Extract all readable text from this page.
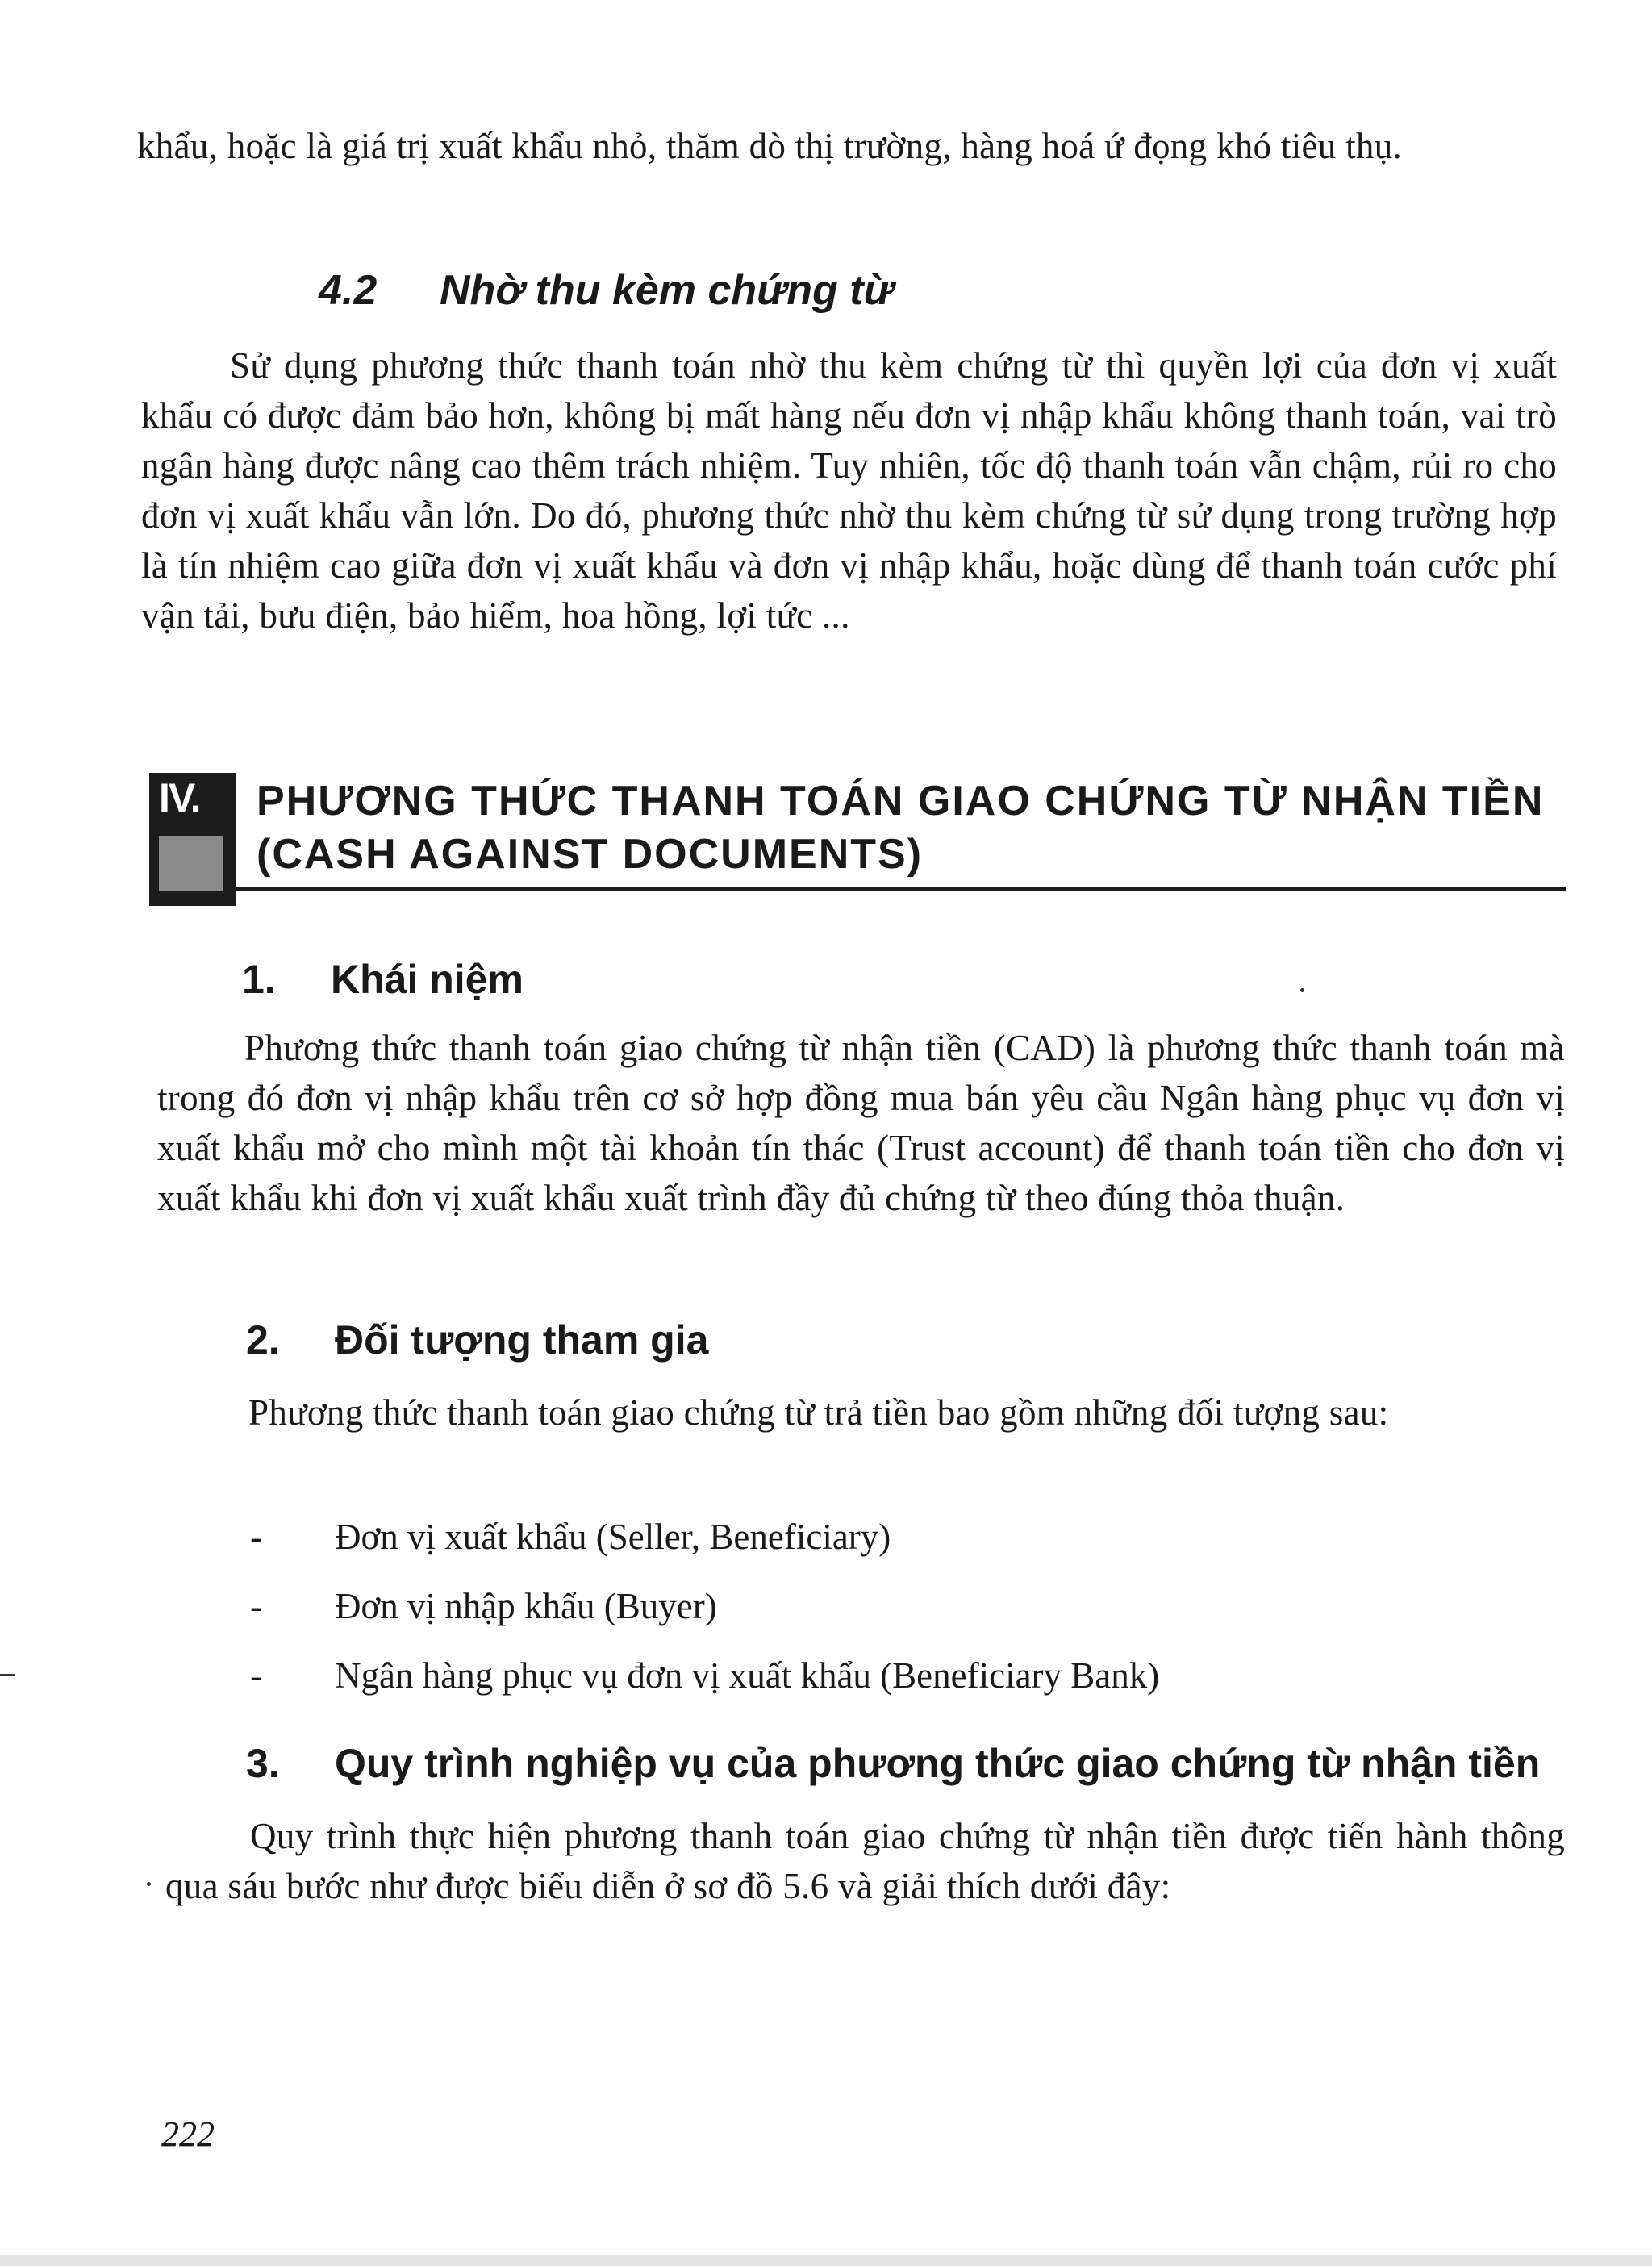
khẩu, hoặc là giá trị xuất khẩu nhỏ, thăm dò thị trường, hàng hoá ứ đọng khó tiêu thụ.

4.2 Nhờ thu kèm chứng từ

Sử dụng phương thức thanh toán nhờ thu kèm chứng từ thì quyền lợi của đơn vị xuất khẩu có được đảm bảo hơn, không bị mất hàng nếu đơn vị nhập khẩu không thanh toán, vai trò ngân hàng được nâng cao thêm trách nhiệm. Tuy nhiên, tốc độ thanh toán vẫn chậm, rủi ro cho đơn vị xuất khẩu vẫn lớn. Do đó, phương thức nhờ thu kèm chứng từ sử dụng trong trường hợp là tín nhiệm cao giữa đơn vị xuất khẩu và đơn vị nhập khẩu, hoặc dùng để thanh toán cước phí vận tải, bưu điện, bảo hiểm, hoa hồng, lợi tức ...

IV. PHƯƠNG THỨC THANH TOÁN GIAO CHỨNG TỪ NHẬN TIỀN (CASH AGAINST DOCUMENTS)
1. Khái niệm

Phương thức thanh toán giao chứng từ nhận tiền (CAD) là phương thức thanh toán mà trong đó đơn vị nhập khẩu trên cơ sở hợp đồng mua bán yêu cầu Ngân hàng phục vụ đơn vị xuất khẩu mở cho mình một tài khoản tín thác (Trust account) để thanh toán tiền cho đơn vị xuất khẩu khi đơn vị xuất khẩu xuất trình đầy đủ chứng từ theo đúng thỏa thuận.

2. Đối tượng tham gia

Phương thức thanh toán giao chứng từ trả tiền bao gồm những đối tượng sau:

- Đơn vị xuất khẩu (Seller, Beneficiary)
- Đơn vị nhập khẩu (Buyer)
- Ngân hàng phục vụ đơn vị xuất khẩu (Beneficiary Bank)
3. Quy trình nghiệp vụ của phương thức giao chứng từ nhận tiền

Quy trình thực hiện phương thanh toán giao chứng từ nhận tiền được tiến hành thông qua sáu bước như được biểu diễn ở sơ đồ 5.6 và giải thích dưới đây:

222
